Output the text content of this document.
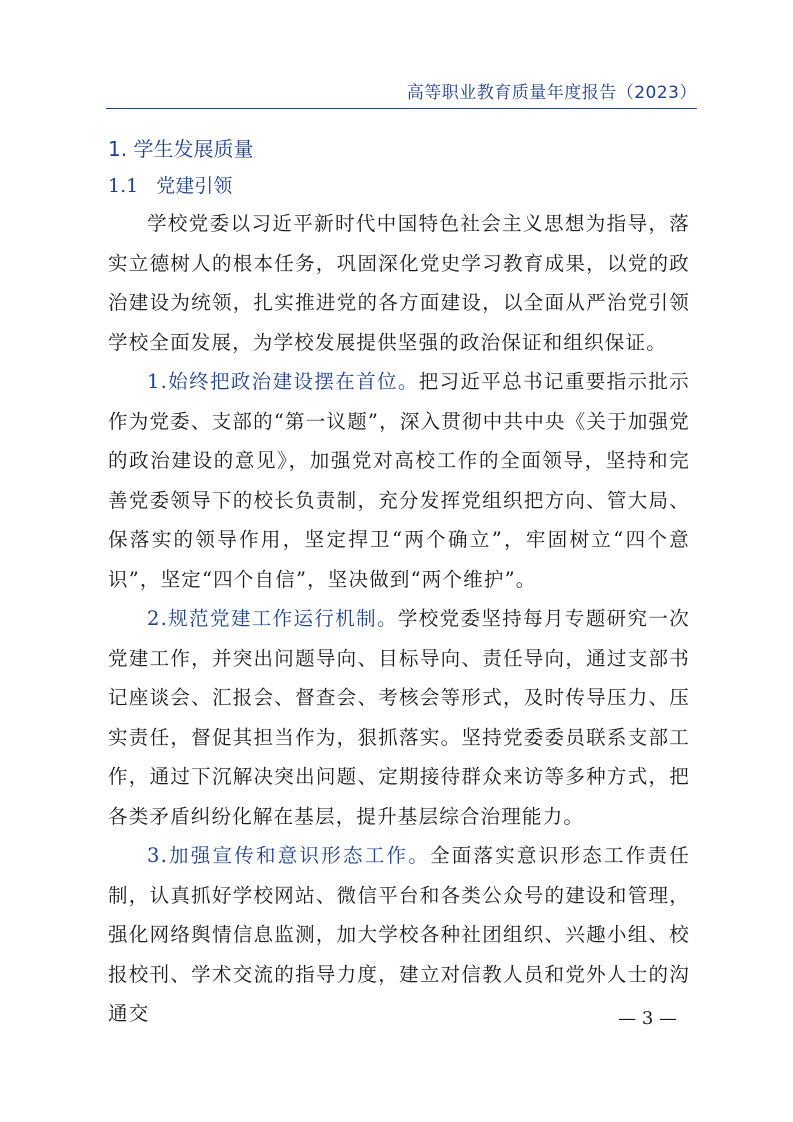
高等职业教育质量年度报告（2023）
1. 学生发展质量
1.1 党建引领

学校党委以习近平新时代中国特色社会主义思想为指导，落实立德树人的根本任务，巩固深化党史学习教育成果，以党的政治建设为统领，扎实推进党的各方面建设，以全面从严治党引领学校全面发展，为学校发展提供坚强的政治保证和组织保证。

1.始终把政治建设摆在首位。把习近平总书记重要指示批示作为党委、支部的“第一议题”，深入贯彻中共中央《关于加强党的政治建设的意见》，加强党对高校工作的全面领导，坚持和完善党委领导下的校长负责制，充分发挥党组织把方向、管大局、保落实的领导作用，坚定捍卫“两个确立”，牢固树立“四个意识”，坚定“四个自信”，坚决做到“两个维护”。

2.规范党建工作运行机制。学校党委坚持每月专题研究一次党建工作，并突出问题导向、目标导向、责任导向，通过支部书记座谈会、汇报会、督查会、考核会等形式，及时传导压力、压实责任，督促其担当作为，狠抓落实。坚持党委委员联系支部工作，通过下沉解决突出问题、定期接待群众来访等多种方式，把各类矛盾纠纷化解在基层，提升基层综合治理能力。

3.加强宣传和意识形态工作。全面落实意识形态工作责任制，认真抓好学校网站、微信平台和各类公众号的建设和管理，强化网络舆情信息监测，加大学校各种社团组织、兴趣小组、校报校刊、学术交流的指导力度，建立对信教人员和党外人士的沟通交	— 3 —
